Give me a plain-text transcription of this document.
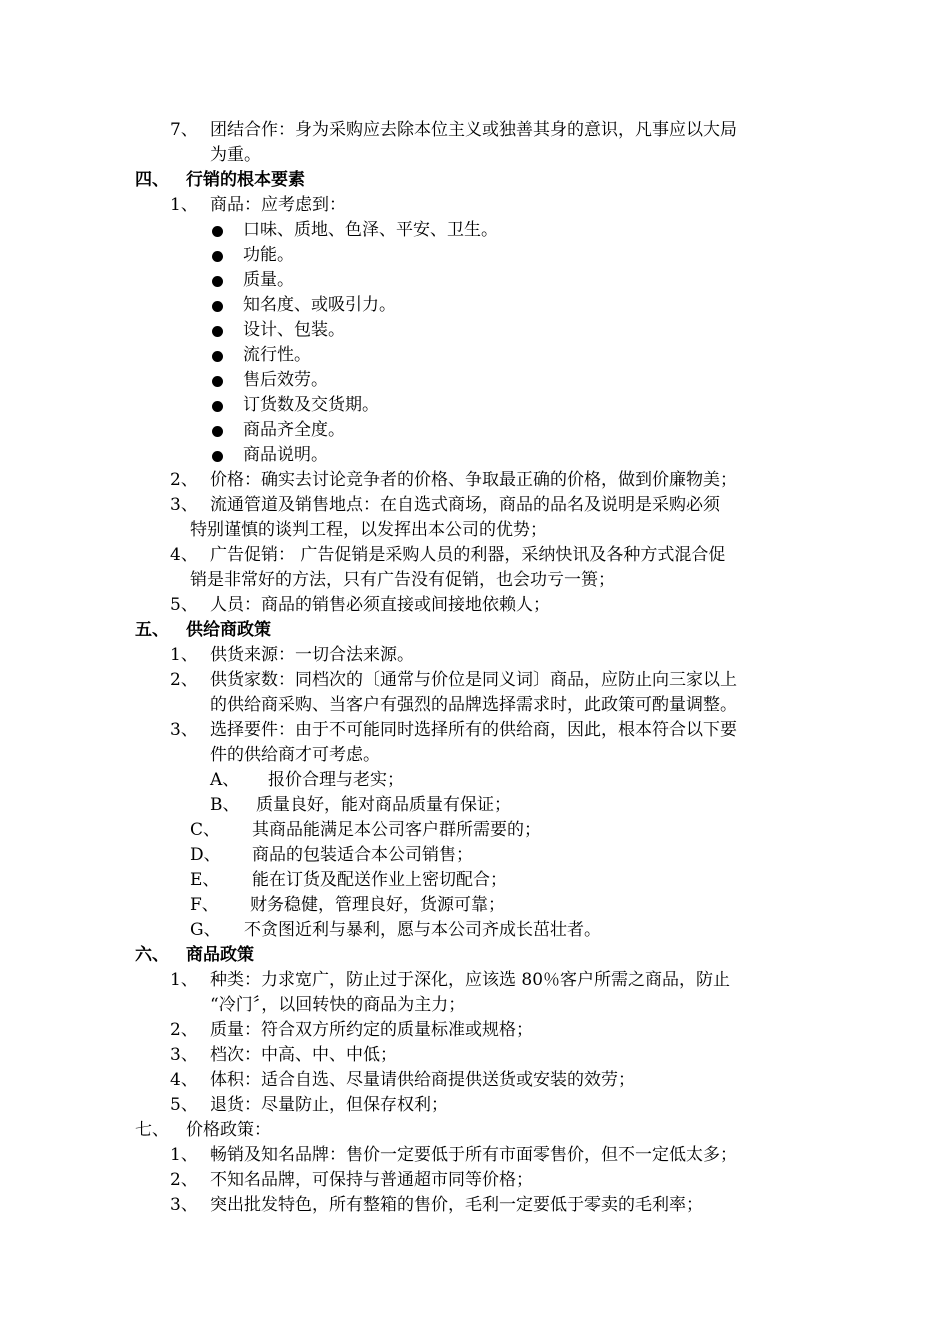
7、 团结合作：身为采购应去除本位主义或独善其身的意识，凡事应以大局
为重。
四、 行销的根本要素
1、 商品：应考虑到：
口味、质地、色泽、平安、卫生。
功能。
质量。
知名度、或吸引力。
设计、包装。
流行性。
售后效劳。
订货数及交货期。
商品齐全度。
商品说明。
2、 价格：确实去讨论竞争者的价格、争取最正确的价格，做到价廉物美；
3、 流通管道及销售地点：在自选式商场，商品的品名及说明是采购必须
特别谨慎的谈判工程，以发挥出本公司的优势；
4、 广告促销： 广告促销是采购人员的利器，采纳快讯及各种方式混合促
销是非常好的方法，只有广告没有促销，也会功亏一篑；
5、 人员：商品的销售必须直接或间接地依赖人；
五、 供给商政策
1、 供货来源：一切合法来源。
2、 供货家数：同档次的〔通常与价位是同义词〕商品，应防止向三家以上
的供给商采购、当客户有强烈的品牌选择需求时，此政策可酌量调整。
3、 选择要件：由于不可能同时选择所有的供给商，因此，根本符合以下要
件的供给商才可考虑。
A、 报价合理与老实；
B、 质量良好，能对商品质量有保证；
C、 其商品能满足本公司客户群所需要的；
D、 商品的包装适合本公司销售；
E、 能在订货及配送作业上密切配合；
F、 财务稳健，管理良好，货源可靠；
G、 不贪图近利与暴利，愿与本公司齐成长茁壮者。
六、 商品政策
1、 种类：力求宽广，防止过于深化，应该选 80％客户所需之商品，防止
“冷门〞，以回转快的商品为主力；
2、 质量：符合双方所约定的质量标准或规格；
3、 档次：中高、中、中低；
4、 体积：适合自选、尽量请供给商提供送货或安装的效劳；
5、 退货：尽量防止，但保存权利；
七、 价格政策：
1、 畅销及知名品牌：售价一定要低于所有市面零售价，但不一定低太多；
2、 不知名品牌，可保持与普通超市同等价格；
3、 突出批发特色，所有整箱的售价，毛利一定要低于零卖的毛利率；
